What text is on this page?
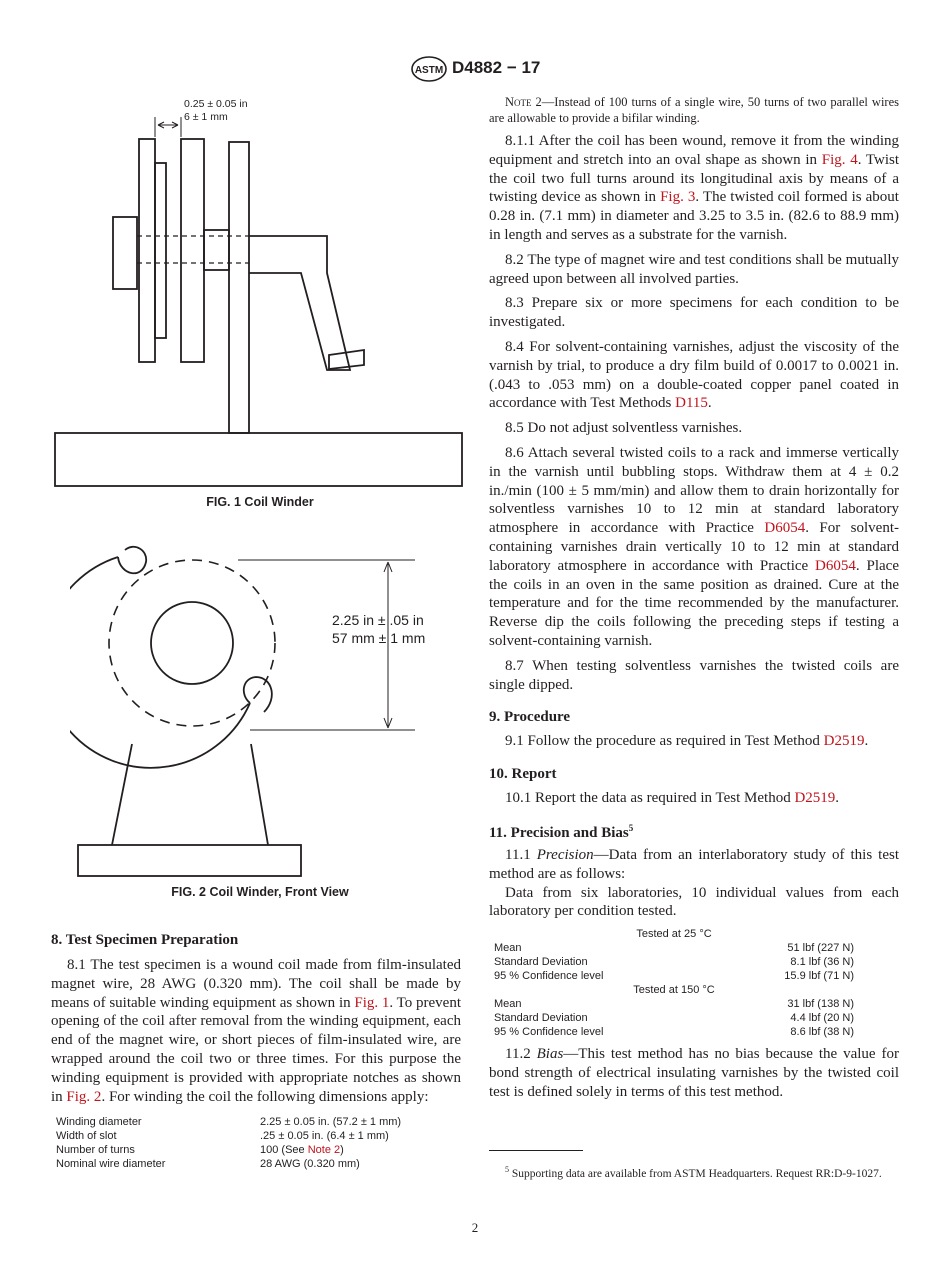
ASTM D4882 − 17
0.25 ± 0.05 in
6 ± 1 mm
FIG. 1 Coil Winder
2.25 in ± .05 in
57 mm ± 1 mm
FIG. 2 Coil Winder, Front View
8. Test Specimen Preparation

8.1 The test specimen is a wound coil made from film-insulated magnet wire, 28 AWG (0.320 mm). The coil shall be made by means of suitable winding equipment as shown in Fig. 1. To prevent opening of the coil after removal from the winding equipment, each end of the magnet wire, or short pieces of film-insulated wire, are wrapped around the coil two or three times. For this purpose the winding equipment is provided with appropriate notches as shown in Fig. 2. For winding the coil the following dimensions apply:

Winding diameter	2.25 ± 0.05 in. (57.2 ± 1 mm)
Width of slot	.25 ± 0.05 in. (6.4 ± 1 mm)
Number of turns	100 (See Note 2)
Nominal wire diameter	28 AWG (0.320 mm)
Note 2—Instead of 100 turns of a single wire, 50 turns of two parallel wires are allowable to provide a bifilar winding.

8.1.1 After the coil has been wound, remove it from the winding equipment and stretch into an oval shape as shown in Fig. 4. Twist the coil two full turns around its longitudinal axis by means of a twisting device as shown in Fig. 3. The twisted coil formed is about 0.28 in. (7.1 mm) in diameter and 3.25 to 3.5 in. (82.6 to 88.9 mm) in length and serves as a substrate for the varnish.

8.2 The type of magnet wire and test conditions shall be mutually agreed upon between all involved parties.

8.3 Prepare six or more specimens for each condition to be investigated.

8.4 For solvent-containing varnishes, adjust the viscosity of the varnish by trial, to produce a dry film build of 0.0017 to 0.0021 in. (.043 to .053 mm) on a double-coated copper panel coated in accordance with Test Methods D115.

8.5 Do not adjust solventless varnishes.

8.6 Attach several twisted coils to a rack and immerse vertically in the varnish until bubbling stops. Withdraw them at 4 ± 0.2 in./min (100 ± 5 mm/min) and allow them to drain horizontally for solventless varnishes 10 to 12 min at standard laboratory atmosphere in accordance with Practice D6054. For solvent-containing varnishes drain vertically 10 to 12 min at standard laboratory atmosphere in accordance with Practice D6054. Place the coils in an oven in the same position as drained. Cure at the temperature and for the time recommended by the manufacturer. Reverse dip the coils following the preceding steps if testing a solvent-containing varnish.

8.7 When testing solventless varnishes the twisted coils are single dipped.

9. Procedure

9.1 Follow the procedure as required in Test Method D2519.

10. Report

10.1 Report the data as required in Test Method D2519.

11. Precision and Bias$^5$

11.1 Precision—Data from an interlaboratory study of this test method are as follows:

Data from six laboratories, 10 individual values from each laboratory per condition tested.

Tested at 25 °C	
Mean	51 lbf (227 N)
Standard Deviation	8.1 lbf (36 N)
95 % Confidence level	15.9 lbf (71 N)
Tested at 150 °C	
Mean	31 lbf (138 N)
Standard Deviation	4.4 lbf (20 N)
95 % Confidence level	8.6 lbf (38 N)

11.2 Bias—This test method has no bias because the value for bond strength of electrical insulating varnishes by the twisted coil test is defined solely in terms of this test method.

$^5$ Supporting data are available from ASTM Headquarters. Request RR:D-9-1027.
2
